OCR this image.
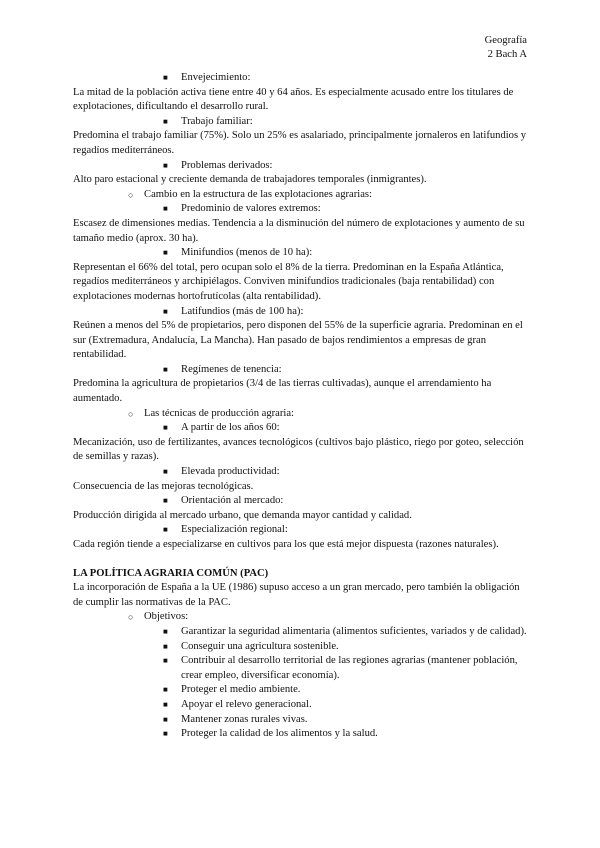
Geografía
2 Bach A
■ Envejecimiento:
La mitad de la población activa tiene entre 40 y 64 años. Es especialmente acusado entre los titulares de explotaciones, dificultando el desarrollo rural.
■ Trabajo familiar:
Predomina el trabajo familiar (75%). Solo un 25% es asalariado, principalmente jornaleros en latifundios y regadíos mediterráneos.
■ Problemas derivados:
Alto paro estacional y creciente demanda de trabajadores temporales (inmigrantes).
○ Cambio en la estructura de las explotaciones agrarias:
■ Predominio de valores extremos:
Escasez de dimensiones medias. Tendencia a la disminución del número de explotaciones y aumento de su tamaño medio (aprox. 30 ha).
■ Minifundios (menos de 10 ha):
Representan el 66% del total, pero ocupan solo el 8% de la tierra. Predominan en la España Atlántica, regadíos mediterráneos y archipiélagos. Conviven minifundios tradicionales (baja rentabilidad) con explotaciones modernas hortofrutícolas (alta rentabilidad).
■ Latifundios (más de 100 ha):
Reúnen a menos del 5% de propietarios, pero disponen del 55% de la superficie agraria. Predominan en el sur (Extremadura, Andalucía, La Mancha). Han pasado de bajos rendimientos a empresas de gran rentabilidad.
■ Regímenes de tenencia:
Predomina la agricultura de propietarios (3/4 de las tierras cultivadas), aunque el arrendamiento ha aumentado.
○ Las técnicas de producción agraria:
■ A partir de los años 60:
Mecanización, uso de fertilizantes, avances tecnológicos (cultivos bajo plástico, riego por goteo, selección de semillas y razas).
■ Elevada productividad:
Consecuencia de las mejoras tecnológicas.
■ Orientación al mercado:
Producción dirigida al mercado urbano, que demanda mayor cantidad y calidad.
■ Especialización regional:
Cada región tiende a especializarse en cultivos para los que está mejor dispuesta (razones naturales).
LA POLÍTICA AGRARIA COMÚN (PAC)
La incorporación de España a la UE (1986) supuso acceso a un gran mercado, pero también la obligación de cumplir las normativas de la PAC.
○ Objetivos:
■ Garantizar la seguridad alimentaria (alimentos suficientes, variados y de calidad).
■ Conseguir una agricultura sostenible.
■ Contribuir al desarrollo territorial de las regiones agrarias (mantener población, crear empleo, diversificar economía).
■ Proteger el medio ambiente.
■ Apoyar el relevo generacional.
■ Mantener zonas rurales vivas.
■ Proteger la calidad de los alimentos y la salud.
